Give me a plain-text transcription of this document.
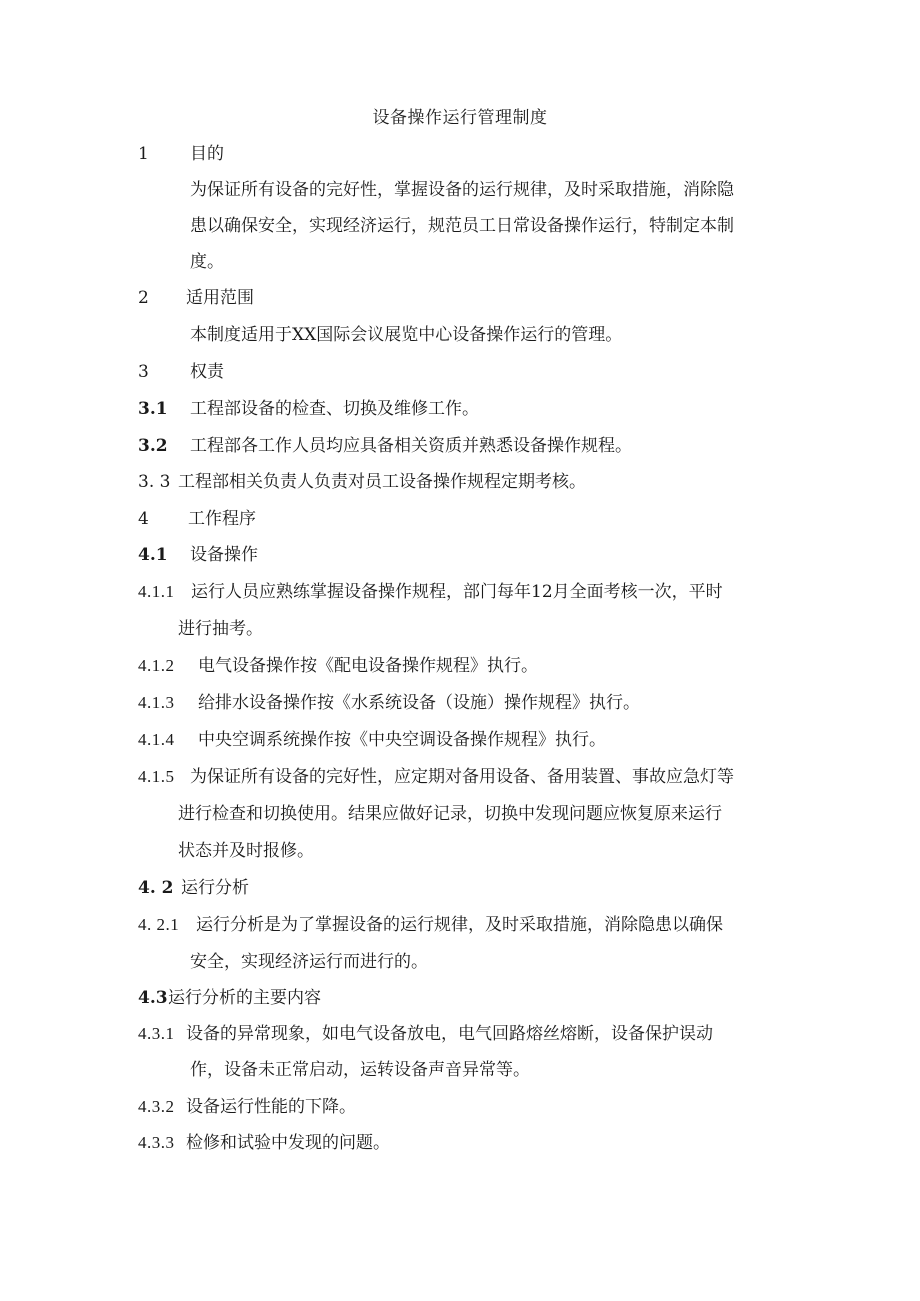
设备操作运行管理制度
1 目的
为保证所有设备的完好性，掌握设备的运行规律，及时采取措施，消除隐
患以确保安全，实现经济运行，规范员工日常设备操作运行，特制定本制
度。
2 适用范围
本制度适用于XX国际会议展览中心设备操作运行的管理。
3 权责
3.1 工程部设备的检查、切换及维修工作。
3.2 工程部各工作人员均应具备相关资质并熟悉设备操作规程。
3. 3 工程部相关负责人负责对员工设备操作规程定期考核。
4 工作程序
4.1 设备操作
4.1.1 运行人员应熟练掌握设备操作规程，部门每年12月全面考核一次，平时
进行抽考。
4.1.2 电气设备操作按《配电设备操作规程》执行。
4.1.3 给排水设备操作按《水系统设备（设施）操作规程》执行。
4.1.4 中央空调系统操作按《中央空调设备操作规程》执行。
4.1.5 为保证所有设备的完好性，应定期对备用设备、备用装置、事故应急灯等
进行检查和切换使用。结果应做好记录，切换中发现问题应恢复原来运行
状态并及时报修。
4. 2 运行分析
4. 2.1 运行分析是为了掌握设备的运行规律，及时采取措施，消除隐患以确保
安全，实现经济运行而进行的。
4.3 运行分析的主要内容
4.3.1 设备的异常现象，如电气设备放电，电气回路熔丝熔断，设备保护误动
作，设备未正常启动，运转设备声音异常等。
4.3.2 设备运行性能的下降。
4.3.3 检修和试验中发现的问题。
